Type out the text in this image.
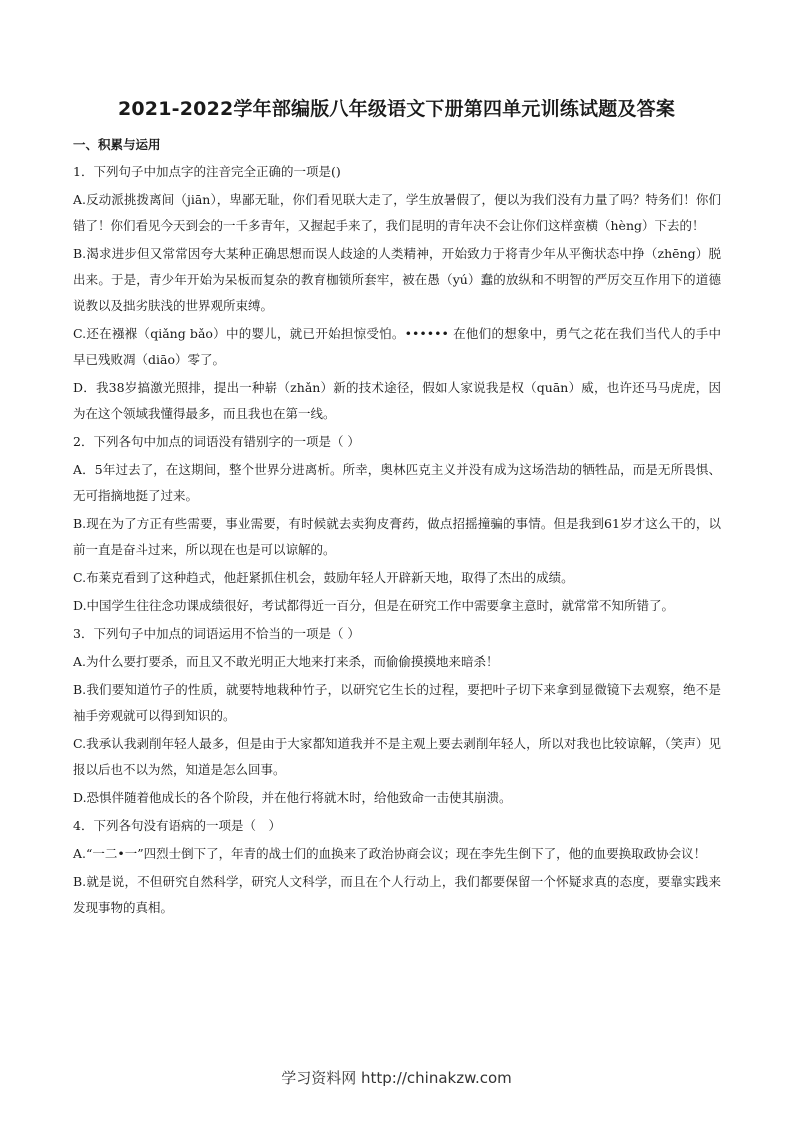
2021-2022学年部编版八年级语文下册第四单元训练试题及答案
一、积累与运用
1．下列句子中加点字的注音完全正确的一项是()
A.反动派挑拨离间（jiān），卑鄙无耻，你们看见联大走了，学生放暑假了，便以为我们没有力量了吗？特务们！你们错了！你们看见今天到会的一千多青年，又握起手来了，我们昆明的青年决不会让你们这样蛮横（hèng）下去的！
B.渴求进步但又常常因夸大某种正确思想而误人歧途的人类精神，开始致力于将青少年从平衡状态中挣（zhēng）脱出来。于是，青少年开始为呆板而复杂的教育枷锁所套牢，被在愚（yú）蠢的放纵和不明智的严厉交互作用下的道德说教以及拙劣肤浅的世界观所束缚。
C.还在襁褓（qiǎng bǎo）中的婴儿，就已开始担惊受怕。•••••• 在他们的想象中，勇气之花在我们当代人的手中早已残败凋（diāo）零了。
D．我38岁搞激光照排，提出一种崭（zhǎn）新的技术途径，假如人家说我是权（quān）威，也许还马马虎虎，因为在这个领域我懂得最多，而且我也在第一线。
2．下列各句中加点的词语没有错别字的一项是（ ）
A．5年过去了，在这期间，整个世界分进离析。所幸，奥林匹克主义并没有成为这场浩劫的牺牲品，而是无所畏惧、无可指摘地挺了过来。
B.现在为了方正有些需要，事业需要，有时候就去卖狗皮膏药，做点招摇撞骗的事情。但是我到61岁才这么干的，以前一直是奋斗过来，所以现在也是可以谅解的。
C.布莱克看到了这种趋式，他赶紧抓住机会，鼓励年轻人开辟新天地，取得了杰出的成绩。
D.中国学生往往念功课成绩很好，考试都得近一百分，但是在研究工作中需要拿主意时，就常常不知所错了。
3．下列句子中加点的词语运用不恰当的一项是（ ）
A.为什么要打要杀，而且又不敢光明正大地来打来杀，而偷偷摸摸地来暗杀！
B.我们要知道竹子的性质，就要特地栽种竹子，以研究它生长的过程，要把叶子切下来拿到显微镜下去观察，绝不是袖手旁观就可以得到知识的。
C.我承认我剥削年轻人最多，但是由于大家都知道我并不是主观上要去剥削年轻人，所以对我也比较谅解，（笑声）见报以后也不以为然，知道是怎么回事。
D.恐惧伴随着他成长的各个阶段，并在他行将就木时，给他致命一击使其崩溃。
4．下列各句没有语病的一项是（　）
A.“一二•一”四烈士倒下了，年青的战士们的血换来了政治协商会议；现在李先生倒下了，他的血要换取政协会议！
B.就是说，不但研究自然科学，研究人文科学，而且在个人行动上，我们都要保留一个怀疑求真的态度，要靠实践来发现事物的真相。
学习资料网 http://chinakzw.com
